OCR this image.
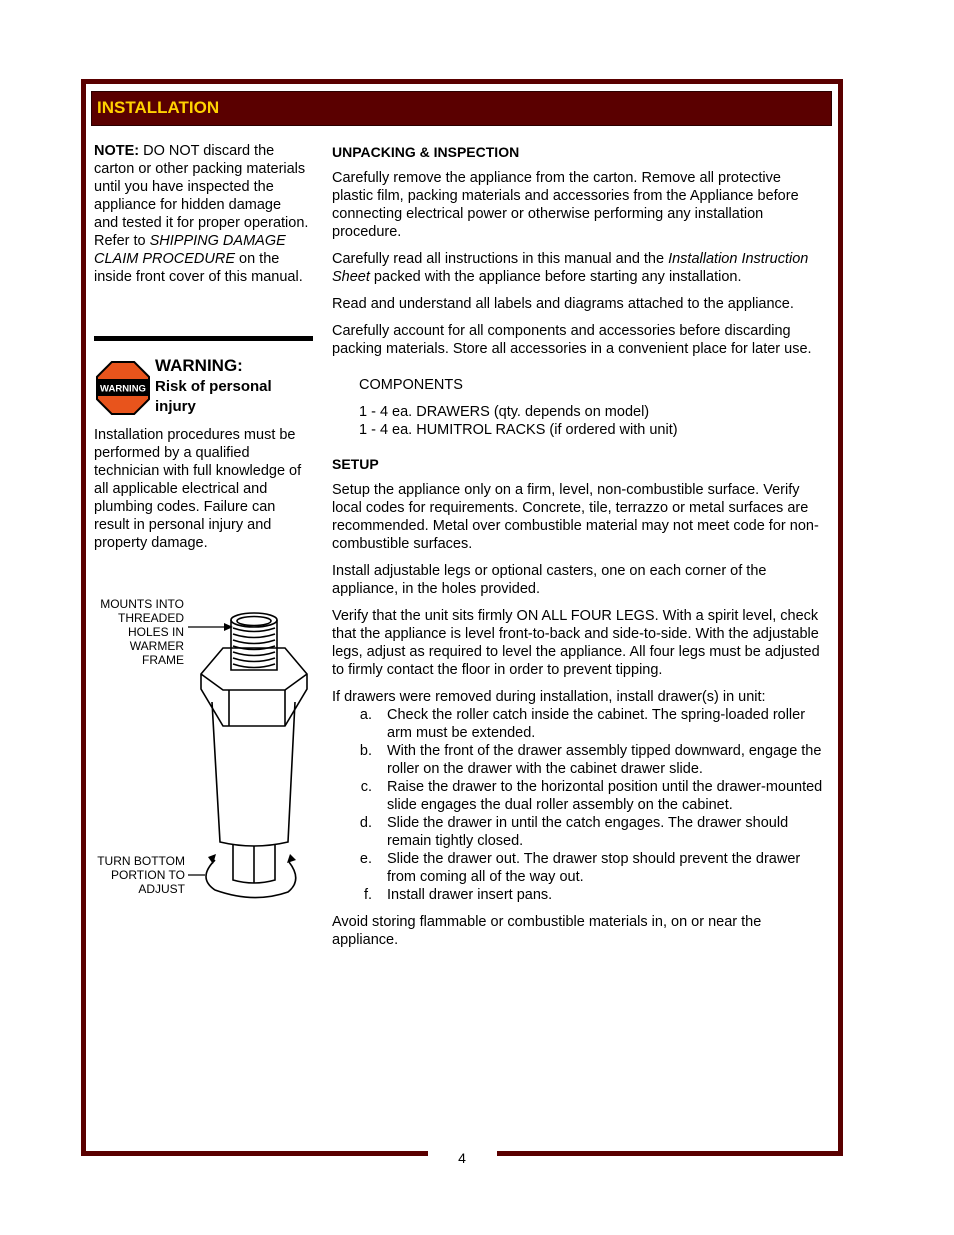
4
INSTALLATION

NOTE: DO NOT discard the carton or other packing materials until you have inspected the appliance for hidden damage and tested it for proper operation.

Refer to SHIPPING DAMAGE CLAIM PROCEDURE on the inside front cover of this manual.

WARNING
WARNING:
Risk of personal injury
Installation procedures must be performed by a qualified technician with full knowledge of all applicable electrical and plumbing codes. Failure can result in personal injury and property damage.
MOUNTS INTO
THREADED
HOLES IN
WARMER
FRAME
TURN BOTTOM
PORTION TO
ADJUST
UNPACKING & INSPECTION

Carefully remove the appliance from the carton. Remove all protective plastic film, packing materials and accessories from the Appliance before connecting electrical power or otherwise performing any installation procedure.

Carefully read all instructions in this manual and the Installation Instruction Sheet packed with the appliance before starting any installation.

Read and understand all labels and diagrams attached to the appliance.

Carefully account for all components and accessories before discarding packing materials. Store all accessories in a convenient place for later use.

COMPONENTS

1 - 4 ea. DRAWERS (qty. depends on model)
1 - 4 ea. HUMITROL RACKS (if ordered with unit)
SETUP

Setup the appliance only on a firm, level, non-combustible surface. Verify local codes for requirements. Concrete, tile, terrazzo or metal surfaces are recommended. Metal over combustible material may not meet code for non-combustible surfaces.

Install adjustable legs or optional casters, one on each corner of the appliance, in the holes provided.

Verify that the unit sits firmly ON ALL FOUR LEGS. With a spirit level, check that the appliance is level front-to-back and side-to-side. With the adjustable legs, adjust as required to level the appliance. All four legs must be adjusted to firmly contact the floor in order to prevent tipping.

If drawers were removed during installation, install drawer(s) in unit:

a. Check the roller catch inside the cabinet. The spring-loaded roller arm must be extended.
b. With the front of the drawer assembly tipped downward, engage the roller on the drawer with the cabinet drawer slide.
c. Raise the drawer to the horizontal position until the drawer-mounted slide engages the dual roller assembly on the cabinet.
d. Slide the drawer in until the catch engages. The drawer should remain tightly closed.
e. Slide the drawer out. The drawer stop should prevent the drawer from coming all of the way out.
f. Install drawer insert pans.

Avoid storing flammable or combustible materials in, on or near the appliance.
